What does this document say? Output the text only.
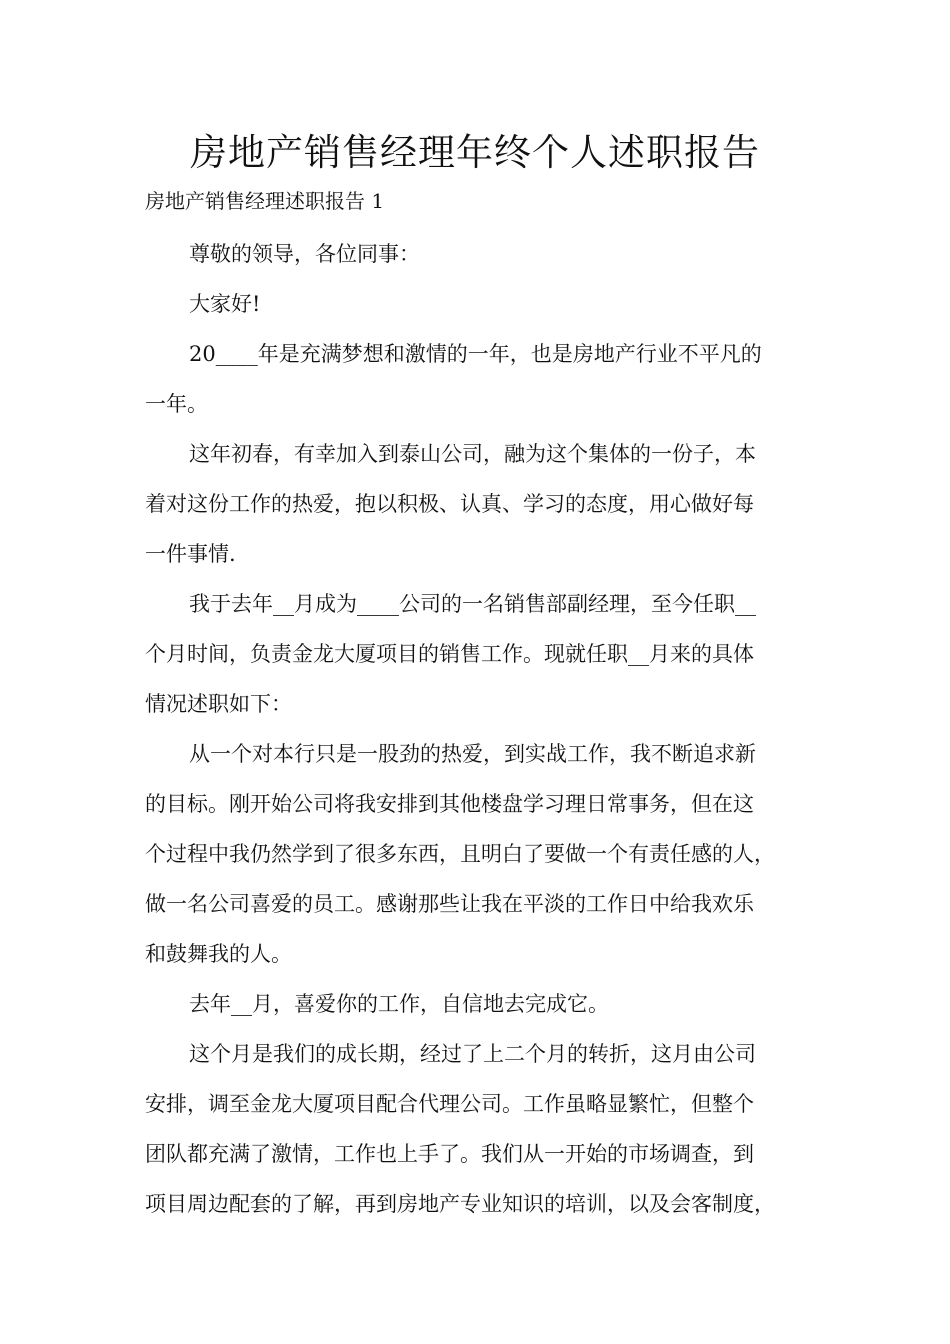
房地产销售经理年终个人述职报告
房地产销售经理述职报告 1
尊敬的领导，各位同事：
大家好!
20____年是充满梦想和激情的一年，也是房地产行业不平凡的
一年。
这年初春，有幸加入到泰山公司，融为这个集体的一份子，本
着对这份工作的热爱，抱以积极、认真、学习的态度，用心做好每
一件事情.
我于去年__月成为____公司的一名销售部副经理，至今任职__
个月时间，负责金龙大厦项目的销售工作。现就任职__月来的具体
情况述职如下：
从一个对本行只是一股劲的热爱，到实战工作，我不断追求新
的目标。刚开始公司将我安排到其他楼盘学习理日常事务，但在这
个过程中我仍然学到了很多东西，且明白了要做一个有责任感的人，
做一名公司喜爱的员工。感谢那些让我在平淡的工作日中给我欢乐
和鼓舞我的人。
去年__月，喜爱你的工作，自信地去完成它。
这个月是我们的成长期，经过了上二个月的转折，这月由公司
安排，调至金龙大厦项目配合代理公司。工作虽略显繁忙，但整个
团队都充满了激情，工作也上手了。我们从一开始的市场调查，到
项目周边配套的了解，再到房地产专业知识的培训，以及会客制度，
